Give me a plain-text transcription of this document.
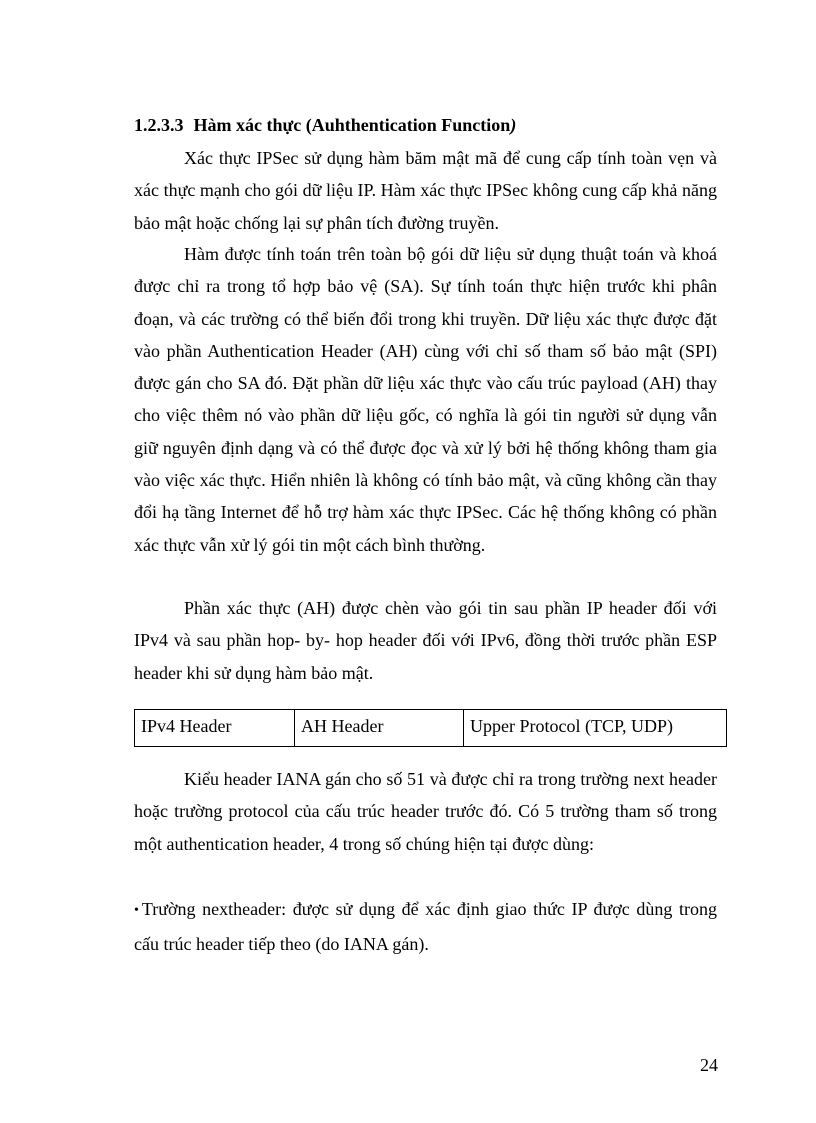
1.2.3.3 Hàm xác thực (Auhthentication Function)

Xác thực IPSec sử dụng hàm băm mật mã để cung cấp tính toàn vẹn và xác thực mạnh cho gói dữ liệu IP. Hàm xác thực IPSec không cung cấp khả năng bảo mật hoặc chống lại sự phân tích đường truyền.

Hàm được tính toán trên toàn bộ gói dữ liệu sử dụng thuật toán và khoá được chỉ ra trong tổ hợp bảo vệ (SA). Sự tính toán thực hiện trước khi phân đoạn, và các trường có thể biến đổi trong khi truyền. Dữ liệu xác thực được đặt vào phần Authentication Header (AH) cùng với chỉ số tham số bảo mật (SPI) được gán cho SA đó. Đặt phần dữ liệu xác thực vào cấu trúc payload (AH) thay cho việc thêm nó vào phần dữ liệu gốc, có nghĩa là gói tin người sử dụng vẫn giữ nguyên định dạng và có thể được đọc và xử lý bởi hệ thống không tham gia vào việc xác thực. Hiển nhiên là không có tính bảo mật, và cũng không cần thay đổi hạ tầng Internet để hỗ trợ hàm xác thực IPSec. Các hệ thống không có phần xác thực vẫn xử lý gói tin một cách bình thường.

Phần xác thực (AH) được chèn vào gói tin sau phần IP header đối với IPv4 và sau phần hop- by- hop header đối với IPv6, đồng thời trước phần ESP header khi sử dụng hàm bảo mật.

IPv4 Header	AH Header	Upper Protocol (TCP, UDP)

Kiểu header IANA gán cho số 51 và được chỉ ra trong trường next header hoặc trường protocol của cấu trúc header trước đó. Có 5 trường tham số trong một authentication header, 4 trong số chúng hiện tại được dùng:

• Trường nextheader: được sử dụng để xác định giao thức IP được dùng trong cấu trúc header tiếp theo (do IANA gán).

24
